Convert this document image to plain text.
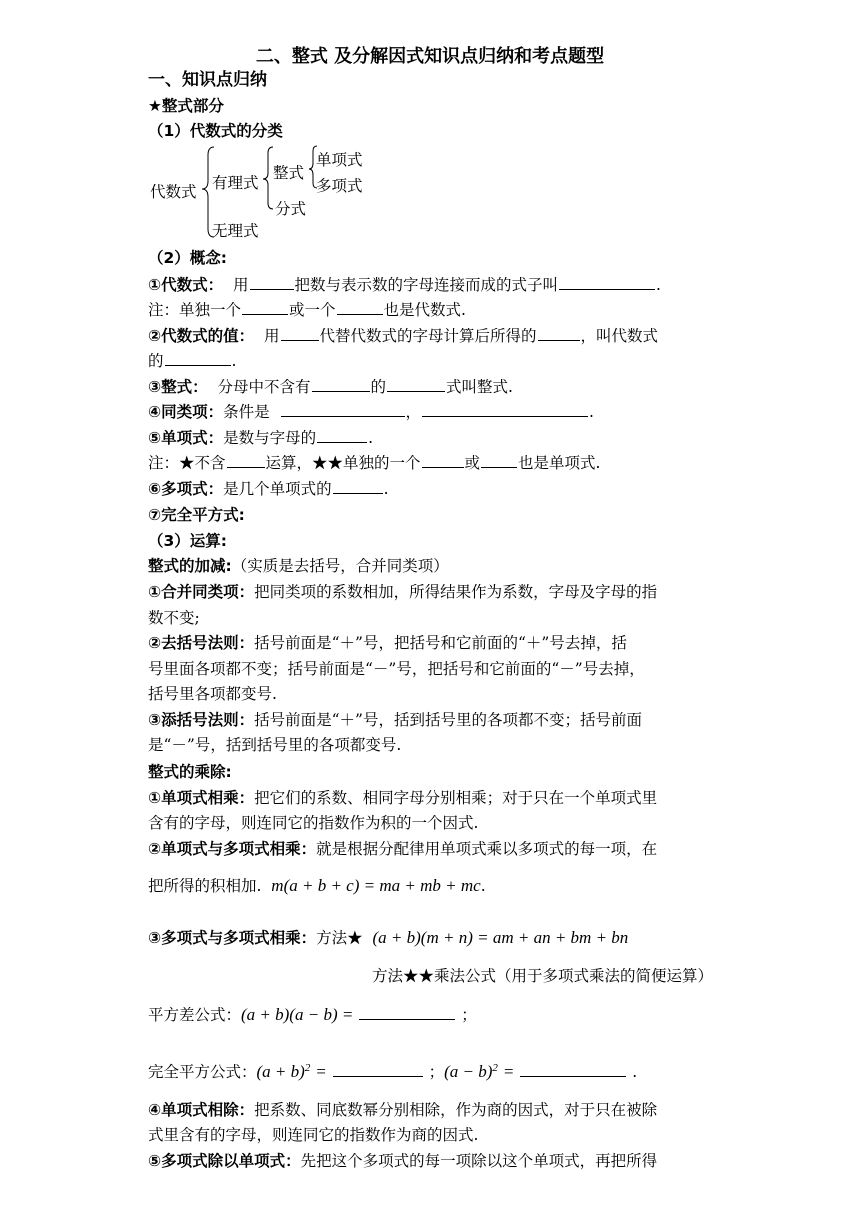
二、整式 及分解因式知识点归纳和考点题型
一、知识点归纳
★整式部分
（1）代数式的分类
代数式 有理式
无理式
整式
分式
单项式
多项式
（2）概念:
①代数式： 用	把数与表示数的字母连接而成的式子叫	.
注：单独一个	或一个	也是代数式.
②代数式的值： 用	代替代数式的字母计算后所得的	，叫代数式
的	.
③整式： 分母中不含有	的	式叫整式.
④同类项：条件是	，	.
⑤单项式：是数与字母的	.
注：★不含	运算，★★单独的一个	或 也是单项式.
⑥多项式：是几个单项式的	.
⑦完全平方式:
（3）运算:
整式的加减:（实质是去括号，合并同类项）
①合并同类项：把同类项的系数相加，所得结果作为系数，字母及字母的指
数不变;
②去括号法则：括号前面是“＋”号，把括号和它前面的“＋”号去掉，括
号里面各项都不变；括号前面是“－”号，把括号和它前面的“－”号去掉，
括号里各项都变号.
③添括号法则：括号前面是“＋”号，括到括号里的各项都不变；括号前面
是“－”号，括到括号里的各项都变号.
整式的乘除:
①单项式相乘：把它们的系数、相同字母分别相乘；对于只在一个单项式里
含有的字母，则连同它的指数作为积的一个因式.
②单项式与多项式相乘：就是根据分配律用单项式乘以多项式的每一项，在
把所得的积相加. m(a + b + c) = ma + mb + mc.
③多项式与多项式相乘：方法★ (a + b)(m + n) = am + an + bm + bn
方法★★乘法公式（用于多项式乘法的简便运算）
平方差公式：(a + b)(a − b) =	；
完全平方公式：$(a + b)^2$ =	；$(a - b)^2$ =	.
④单项式相除：把系数、同底数幂分别相除，作为商的因式，对于只在被除
式里含有的字母，则连同它的指数作为商的因式.
⑤多项式除以单项式：先把这个多项式的每一项除以这个单项式，再把所得
